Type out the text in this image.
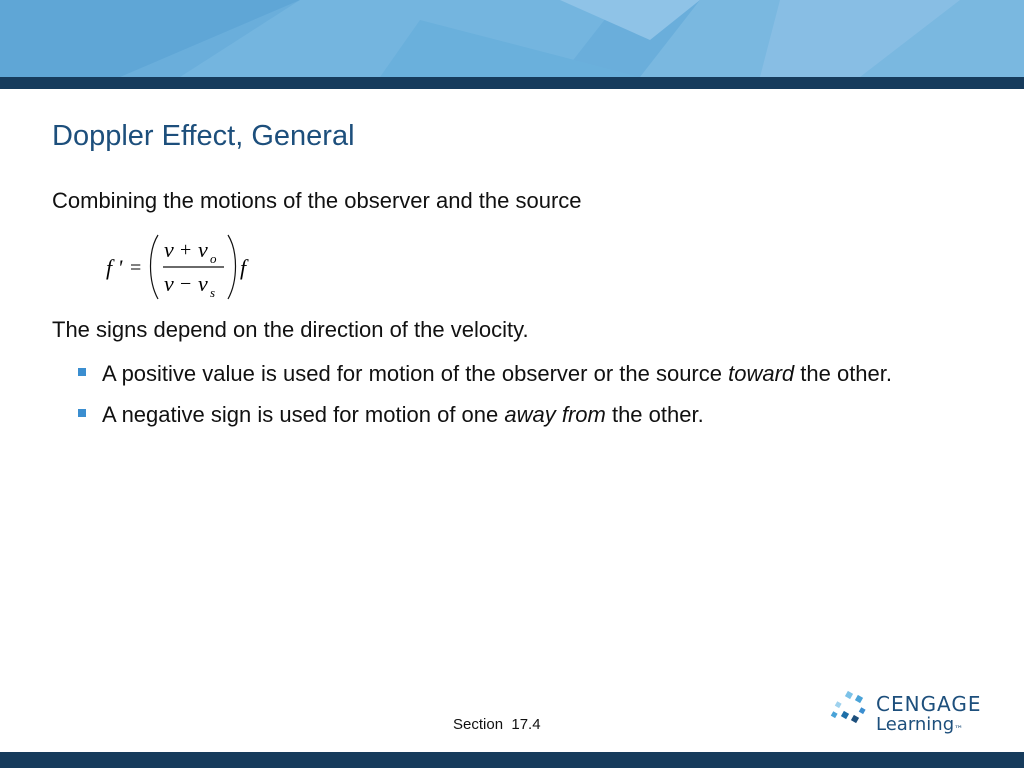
Doppler Effect, General

Combining the motions of the observer and the source

f ' =
v + v o
v − v s
f

The signs depend on the direction of the velocity.

A positive value is used for motion of the observer or the source toward the other.
A negative sign is used for motion of one away from the other.
Section  17.4
CENGAGE
Learning™
